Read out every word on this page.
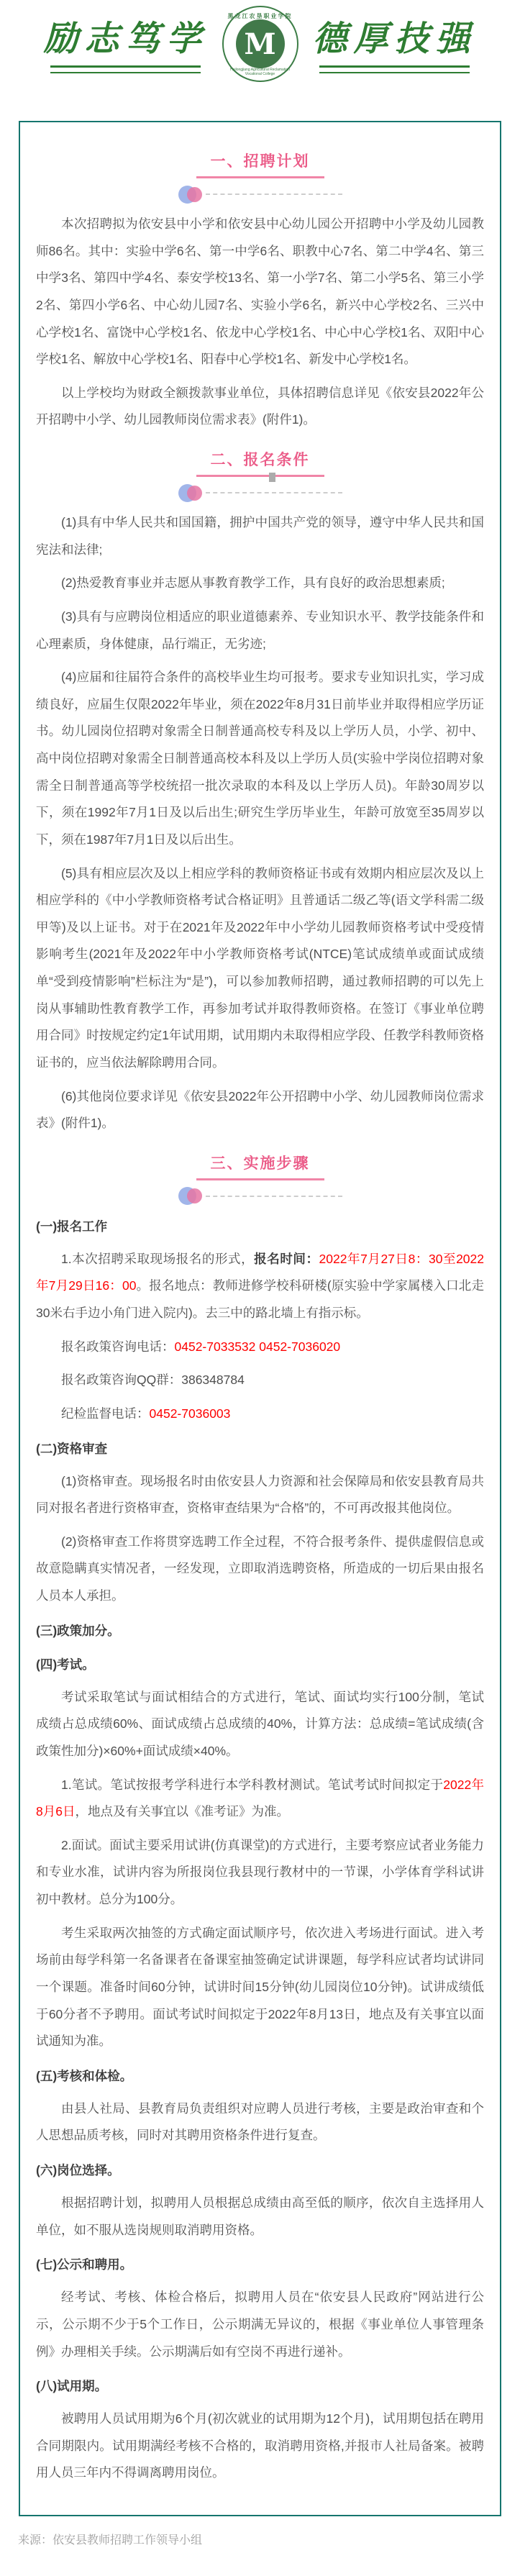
励志笃学
黑龙江农垦职业学院
M
Heilongjiang Agricultural Reclamation Vocational College
德厚技强
一、招聘计划

本次招聘拟为依安县中小学和依安县中心幼儿园公开招聘中小学及幼儿园教师86名。其中：实验中学6名、第一中学6名、职教中心7名、第二中学4名、第三中学3名、第四中学4名、泰安学校13名、第一小学7名、第二小学5名、第三小学2名、第四小学6名、中心幼儿园7名、实验小学6名，新兴中心学校2名、三兴中心学校1名、富饶中心学校1名、依龙中心学校1名、中心中心学校1名、双阳中心学校1名、解放中心学校1名、阳春中心学校1名、新发中心学校1名。

以上学校均为财政全额拨款事业单位，具体招聘信息详见《依安县2022年公开招聘中小学、幼儿园教师岗位需求表》(附件1)。

二、报名条件

(1)具有中华人民共和国国籍，拥护中国共产党的领导，遵守中华人民共和国宪法和法律;

(2)热爱教育事业并志愿从事教育教学工作，具有良好的政治思想素质;

(3)具有与应聘岗位相适应的职业道德素养、专业知识水平、教学技能条件和心理素质，身体健康，品行端正，无劣迹;

(4)应届和往届符合条件的高校毕业生均可报考。要求专业知识扎实，学习成绩良好，应届生仅限2022年毕业，须在2022年8月31日前毕业并取得相应学历证书。幼儿园岗位招聘对象需全日制普通高校专科及以上学历人员，小学、初中、高中岗位招聘对象需全日制普通高校本科及以上学历人员(实验中学岗位招聘对象需全日制普通高等学校统招一批次录取的本科及以上学历人员)。年龄30周岁以下，须在1992年7月1日及以后出生;研究生学历毕业生，年龄可放宽至35周岁以下，须在1987年7月1日及以后出生。

(5)具有相应层次及以上相应学科的教师资格证书或有效期内相应层次及以上相应学科的《中小学教师资格考试合格证明》且普通话二级乙等(语文学科需二级甲等)及以上证书。对于在2021年及2022年中小学幼儿园教师资格考试中受疫情影响考生(2021年及2022年中小学教师资格考试(NTCE)笔试成绩单或面试成绩单“受到疫情影响”栏标注为“是”)，可以参加教师招聘，通过教师招聘的可以先上岗从事辅助性教育教学工作，再参加考试并取得教师资格。在签订《事业单位聘用合同》时按规定约定1年试用期，试用期内未取得相应学段、任教学科教师资格证书的，应当依法解除聘用合同。

(6)其他岗位要求详见《依安县2022年公开招聘中小学、幼儿园教师岗位需求表》(附件1)。

三、实施步骤

(一)报名工作

1.本次招聘采取现场报名的形式，报名时间：2022年7月27日8：30至2022年7月29日16：00。报名地点：教师进修学校科研楼(原实验中学家属楼入口北走30米右手边小角门进入院内)。去三中的路北墙上有指示标。

报名政策咨询电话：0452-7033532 0452-7036020

报名政策咨询QQ群：386348784

纪检监督电话：0452-7036003

(二)资格审查

(1)资格审查。现场报名时由依安县人力资源和社会保障局和依安县教育局共同对报名者进行资格审查，资格审查结果为“合格”的，不可再改报其他岗位。

(2)资格审查工作将贯穿选聘工作全过程，不符合报考条件、提供虚假信息或故意隐瞒真实情况者，一经发现，立即取消选聘资格，所造成的一切后果由报名人员本人承担。

(三)政策加分。

(四)考试。

考试采取笔试与面试相结合的方式进行，笔试、面试均实行100分制，笔试成绩占总成绩60%、面试成绩占总成绩的40%，计算方法：总成绩=笔试成绩(含政策性加分)×60%+面试成绩×40%。

1.笔试。笔试按报考学科进行本学科教材测试。笔试考试时间拟定于2022年8月6日，地点及有关事宜以《准考证》为准。

2.面试。面试主要采用试讲(仿真课堂)的方式进行，主要考察应试者业务能力和专业水准，试讲内容为所报岗位我县现行教材中的一节课，小学体育学科试讲初中教材。总分为100分。

考生采取两次抽签的方式确定面试顺序号，依次进入考场进行面试。进入考场前由每学科第一名备课者在备课室抽签确定试讲课题，每学科应试者均试讲同一个课题。准备时间60分钟，试讲时间15分钟(幼儿园岗位10分钟)。试讲成绩低于60分者不予聘用。面试考试时间拟定于2022年8月13日，地点及有关事宜以面试通知为准。

(五)考核和体检。

由县人社局、县教育局负责组织对应聘人员进行考核，主要是政治审查和个人思想品质考核，同时对其聘用资格条件进行复查。

(六)岗位选择。

根据招聘计划，拟聘用人员根据总成绩由高至低的顺序，依次自主选择用人单位，如不服从选岗规则取消聘用资格。

(七)公示和聘用。

经考试、考核、体检合格后，拟聘用人员在“依安县人民政府”网站进行公示，公示期不少于5个工作日，公示期满无异议的，根据《事业单位人事管理条例》办理相关手续。公示期满后如有空岗不再进行递补。

(八)试用期。

被聘用人员试用期为6个月(初次就业的试用期为12个月)，试用期包括在聘用合同期限内。试用期满经考核不合格的，取消聘用资格,并报市人社局备案。被聘用人员三年内不得调离聘用岗位。

来源：依安县教师招聘工作领导小组
